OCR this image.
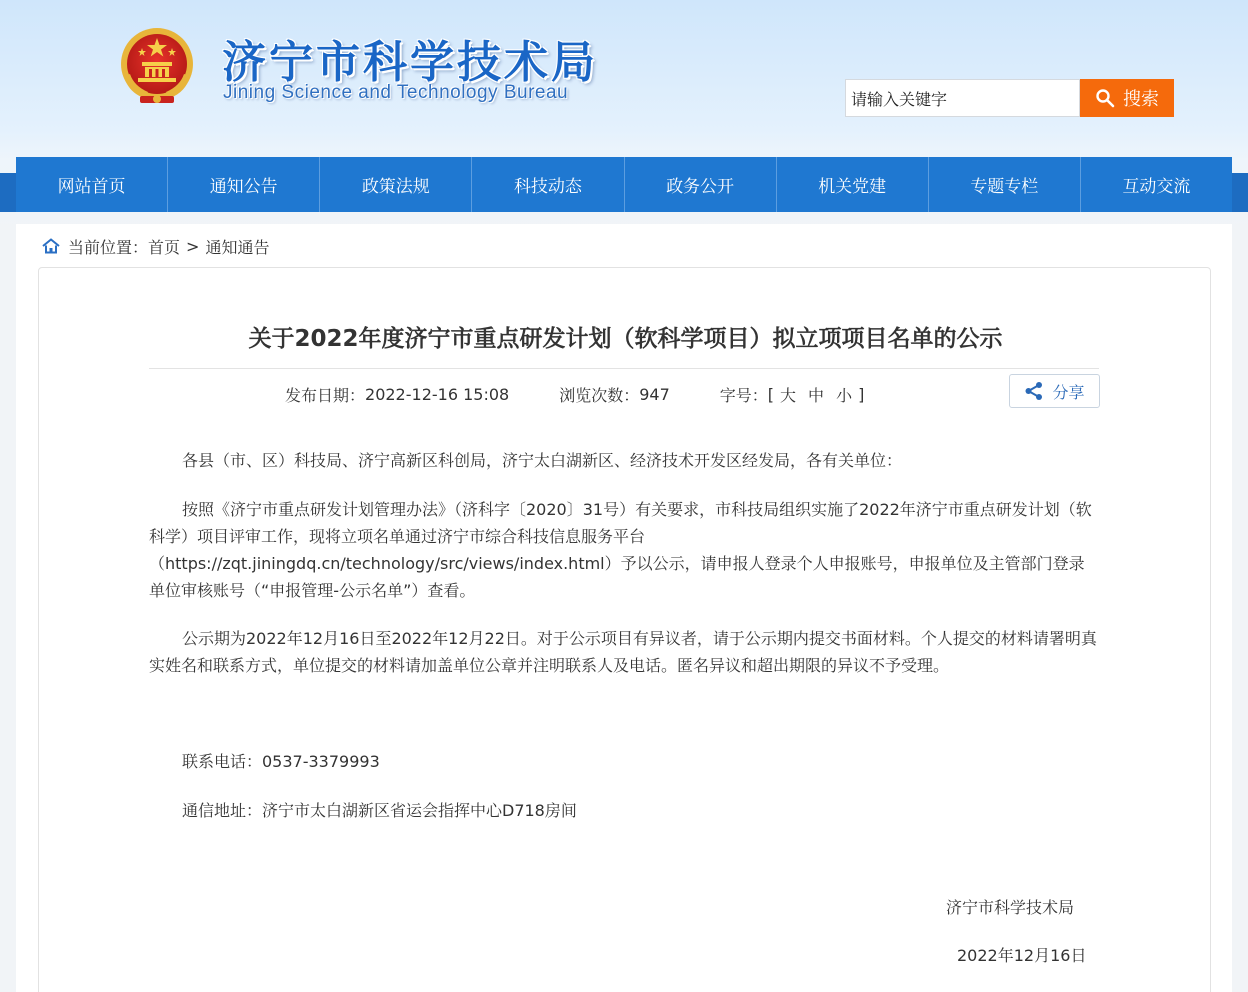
济宁市科学技术局
Jining Science and Technology Bureau
请输入关键字	搜索
网站首页	通知公告	政策法规	科技动态	政务公开	机关党建	专题专栏	互动交流
当前位置： 首页 > 通知通告
关于2022年度济宁市重点研发计划（软科学项目）拟立项项目名单的公示
发布日期： 2022-12-16 15:08	浏览次数： 947	字号： [ 大 中 小 ]	分享
各县（市、区）科技局、济宁高新区科创局，济宁太白湖新区、经济技术开发区经发局，各有关单位：
按照《济宁市重点研发计划管理办法》（济科字〔2020〕31号）有关要求，市科技局组织实施了2022年济宁市重点研发计划（软科学）项目评审工作，现将立项名单通过济宁市综合科技信息服务平台（https://zqt.jiningdq.cn/technology/src/views/index.html）予以公示，请申报人登录个人申报账号，申报单位及主管部门登录单位审核账号（“申报管理-公示名单”）查看。
公示期为2022年12月16日至2022年12月22日。对于公示项目有异议者，请于公示期内提交书面材料。个人提交的材料请署明真实姓名和联系方式，单位提交的材料请加盖单位公章并注明联系人及电话。匿名异议和超出期限的异议不予受理。
联系电话：0537-3379993
通信地址：济宁市太白湖新区省运会指挥中心D718房间
济宁市科学技术局
2022年12月16日
